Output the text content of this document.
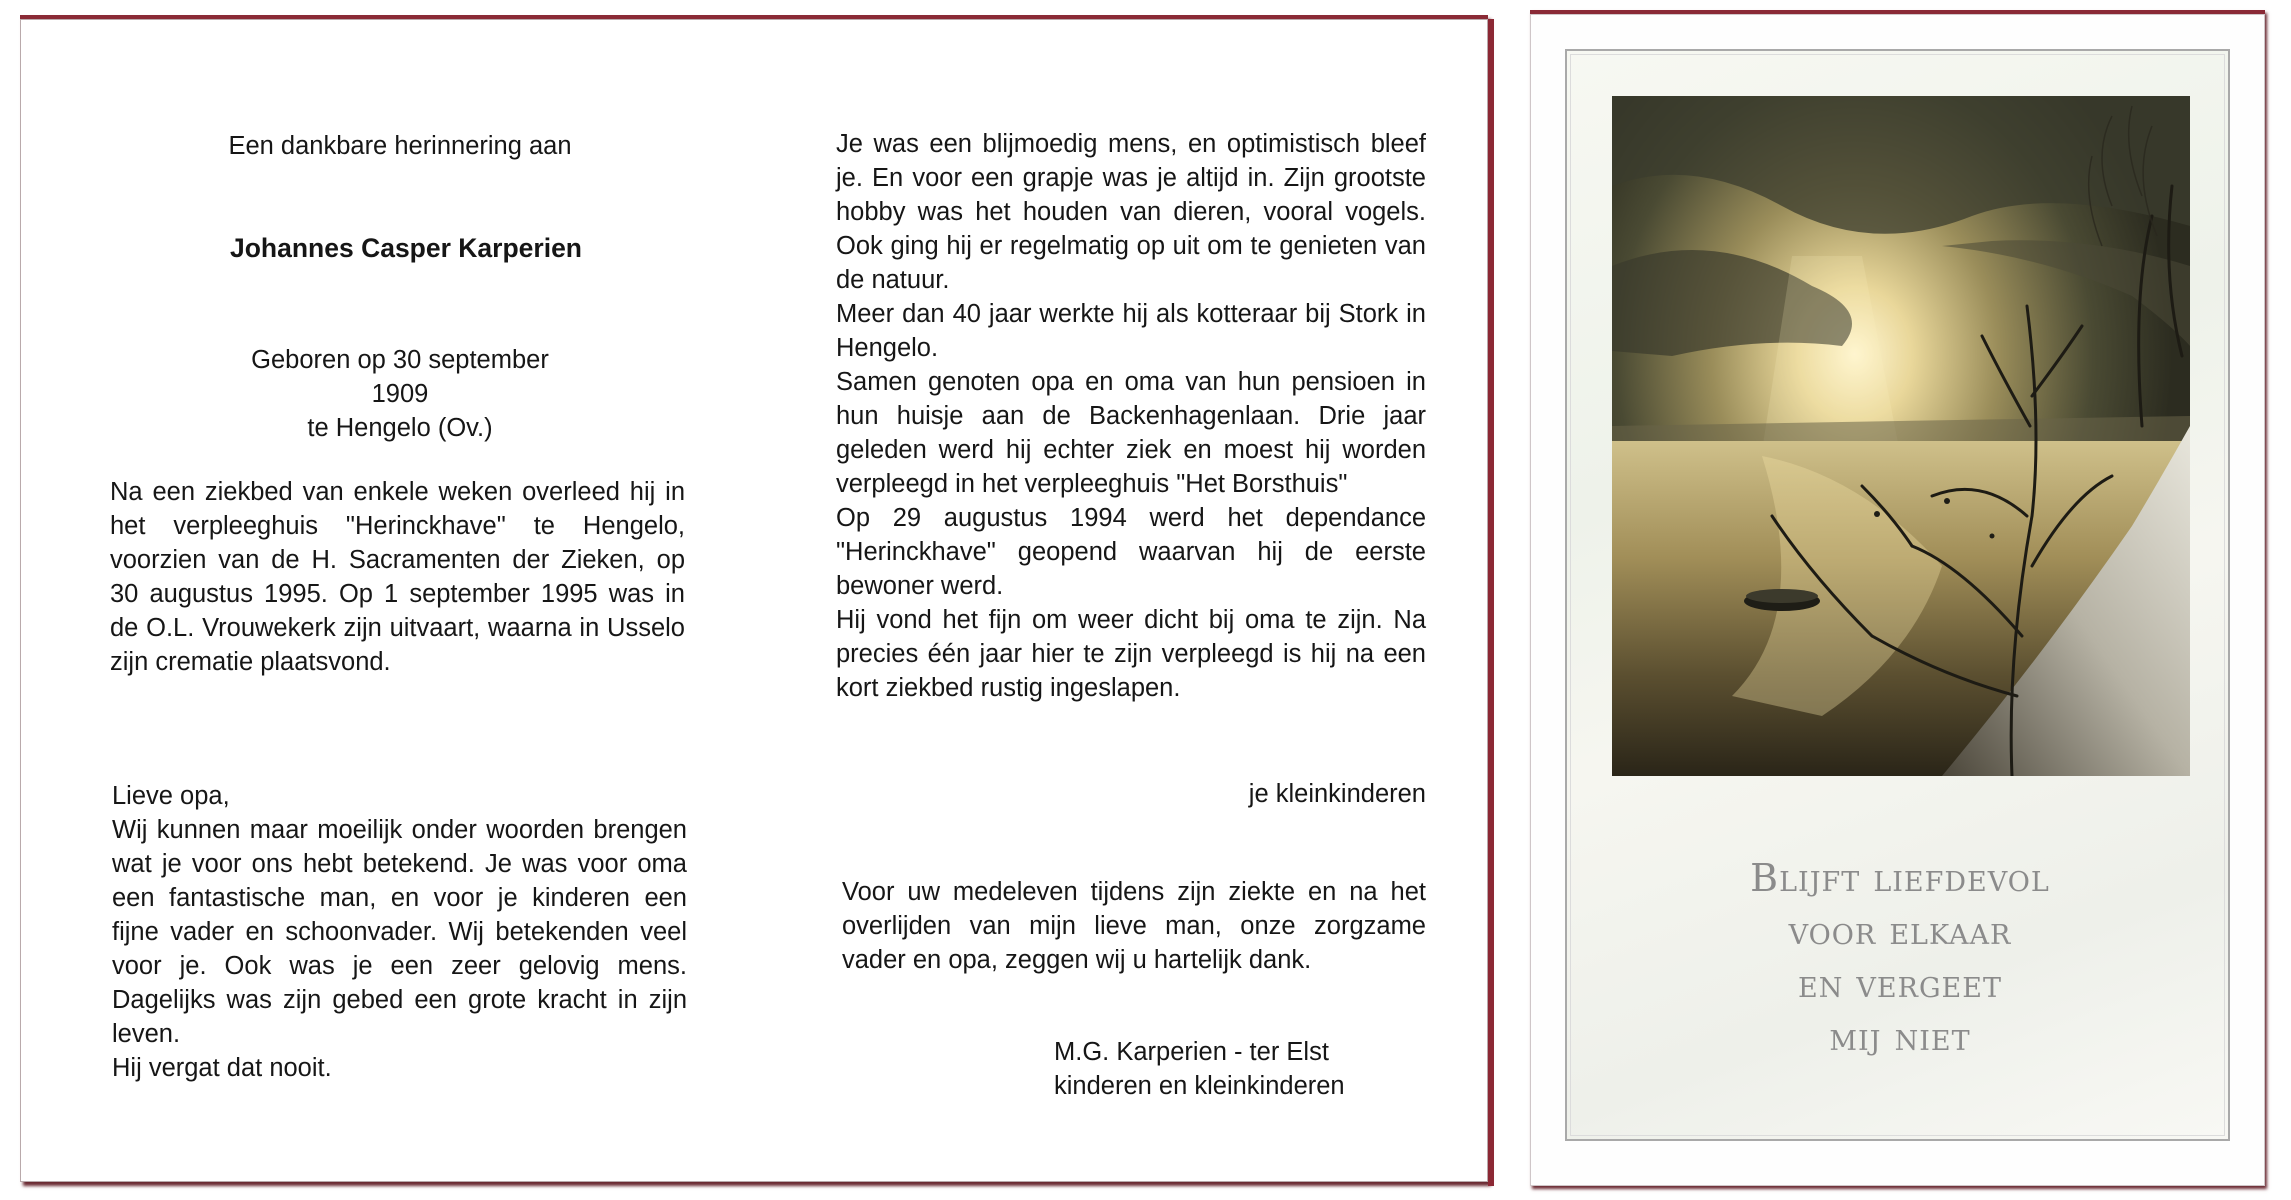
Een dankbare herinnering aan

Johannes Casper Karperien

Geboren op 30 september 1909

te Hengelo (Ov.)

Na een ziekbed van enkele weken overleed hij in het verpleeghuis "Herinckhave" te Hengelo, voorzien van de H. Sacramenten der Zieken, op 30 augustus 1995. Op 1 september 1995 was in de O.L. Vrouwekerk zijn uitvaart, waarna in Usselo zijn crematie plaatsvond.

Lieve opa,

Wij kunnen maar moeilijk onder woorden brengen wat je voor ons hebt betekend. Je was voor oma een fantastische man, en voor je kinderen een fijne vader en schoonvader. Wij betekenden veel voor je. Ook was je een zeer gelovig mens. Dagelijks was zijn gebed een grote kracht in zijn leven.

Hij vergat dat nooit.

Je was een blijmoedig mens, en optimistisch bleef je. En voor een grapje was je altijd in. Zijn grootste hobby was het houden van dieren, vooral vogels. Ook ging hij er regelmatig op uit om te genieten van de natuur.

Meer dan 40 jaar werkte hij als kotteraar bij Stork in Hengelo.

Samen genoten opa en oma van hun pensioen in hun huisje aan de Backenhagenlaan. Drie jaar geleden werd hij echter ziek en moest hij worden verpleegd in het verpleeghuis "Het Borsthuis"

Op 29 augustus 1994 werd het dependance "Herinckhave" geopend waarvan hij de eerste bewoner werd.

Hij vond het fijn om weer dicht bij oma te zijn. Na precies één jaar hier te zijn verpleegd is hij na een kort ziekbed rustig ingeslapen.

je kleinkinderen

Voor uw medeleven tijdens zijn ziekte en na het overlijden van mijn lieve man, onze zorgzame vader en opa, zeggen wij u hartelijk dank.

M.G. Karperien - ter Elst

kinderen en kleinkinderen

Blijft liefdevol
voor elkaar
en vergeet
mij niet
